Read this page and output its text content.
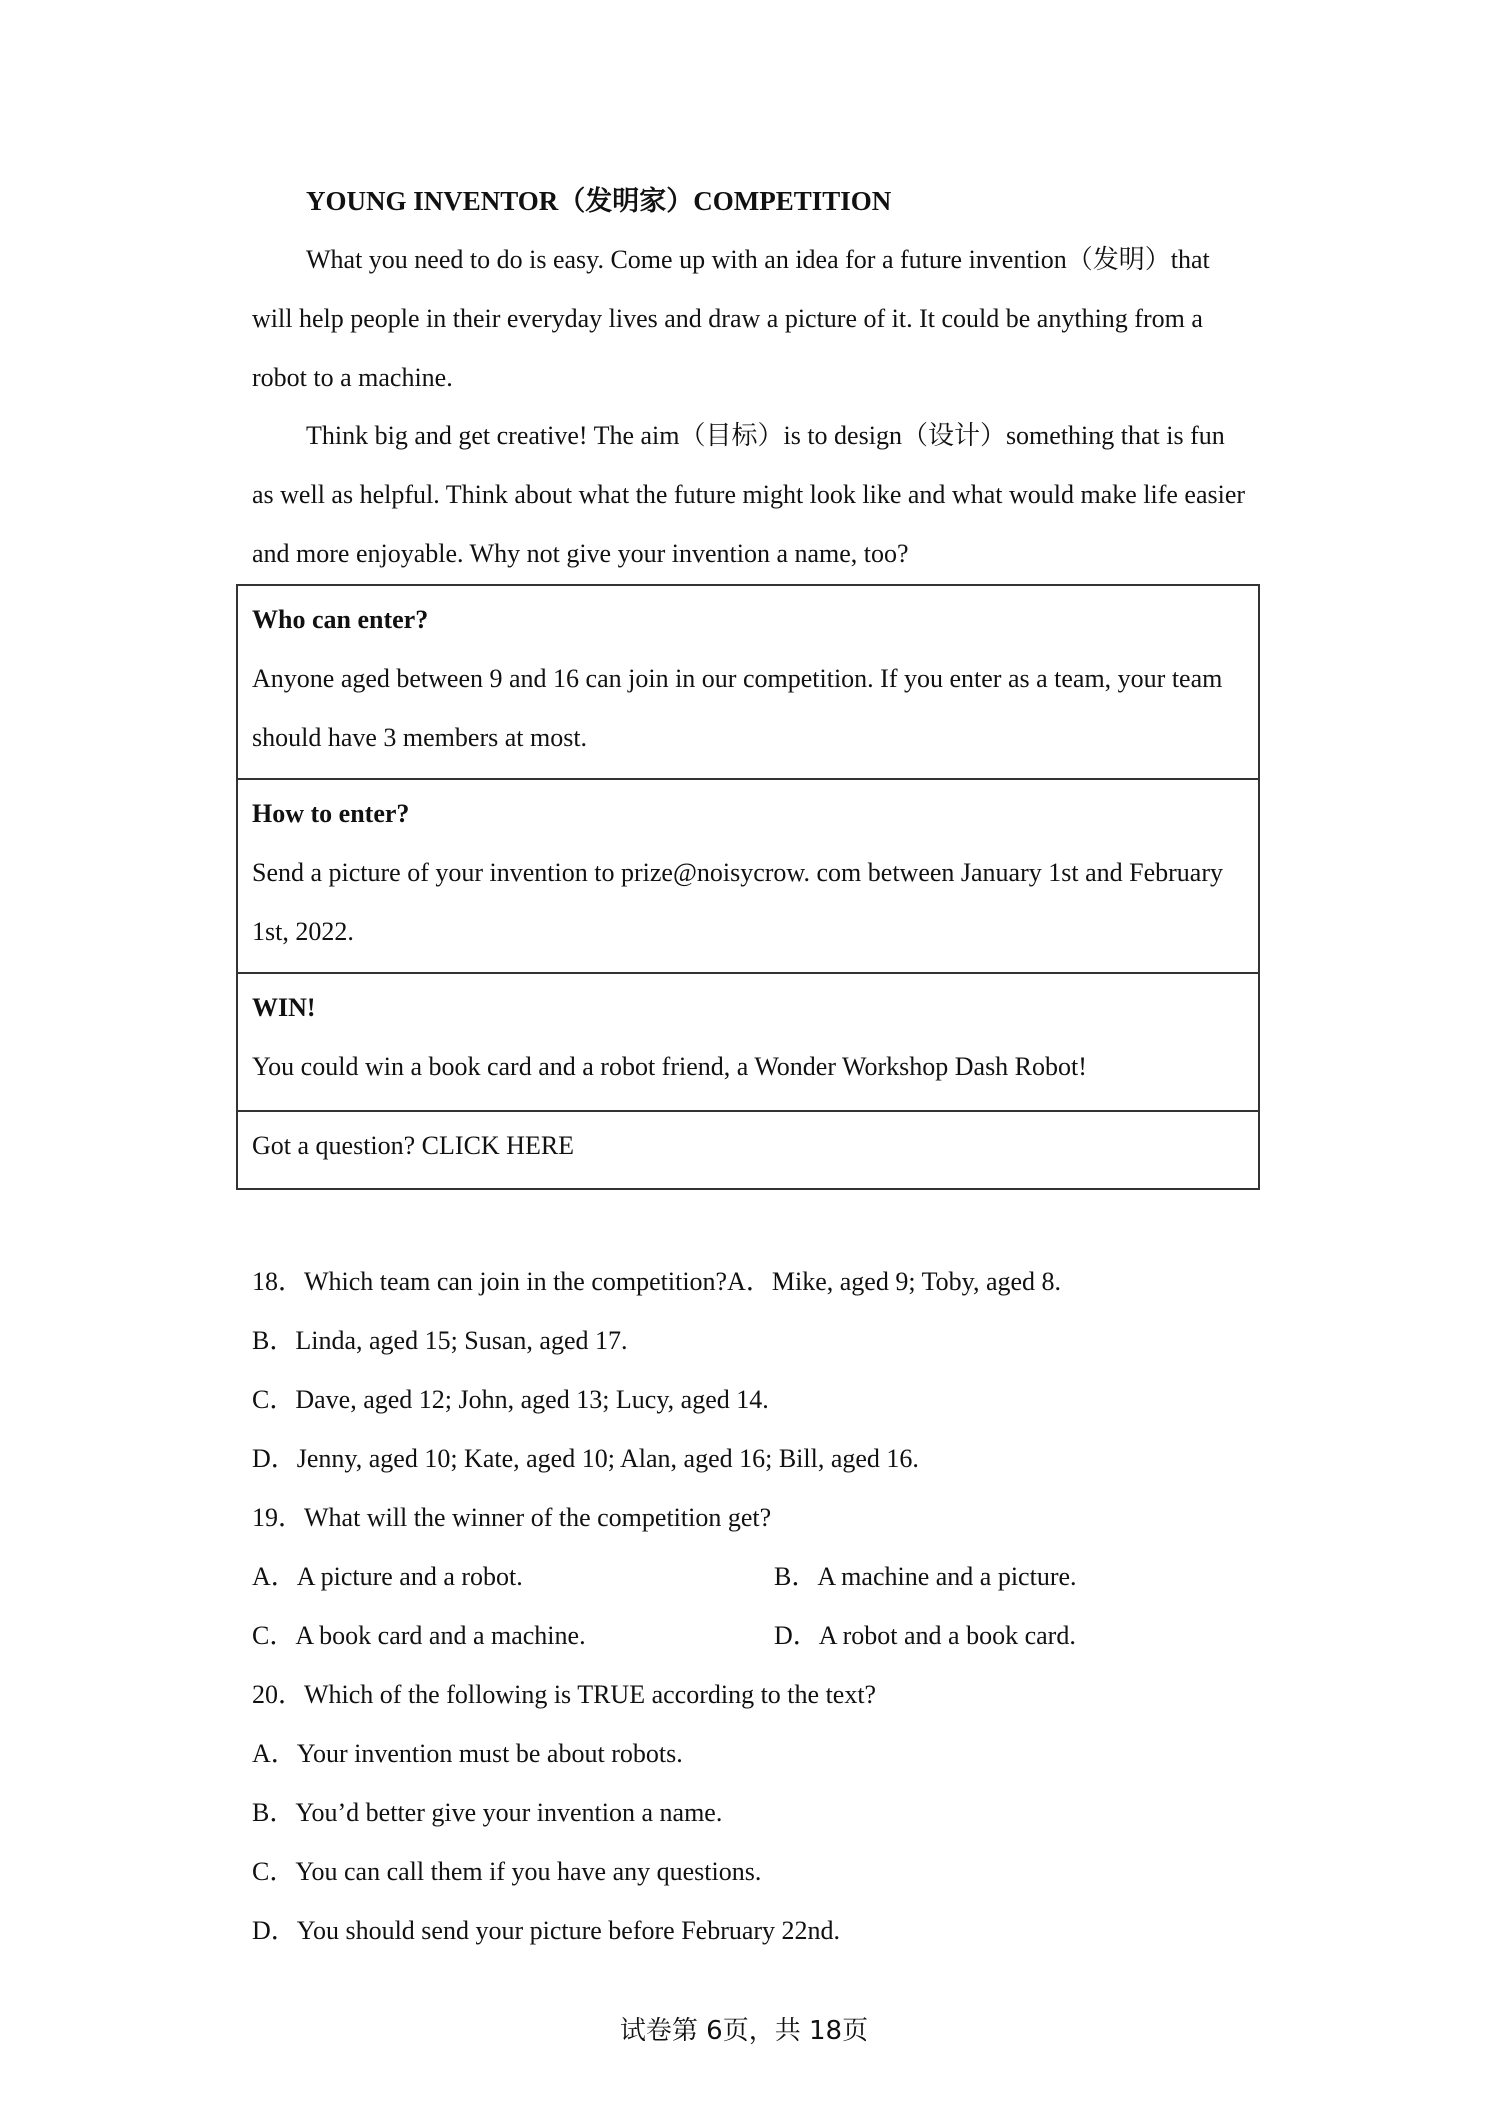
YOUNG INVENTOR（发明家）COMPETITION

What you need to do is easy. Come up with an idea for a future invention（发明）that will help people in their everyday lives and draw a picture of it. It could be anything from a robot to a machine.

Think big and get creative! The aim（目标）is to design（设计）something that is fun as well as helpful. Think about what the future might look like and what would make life easier and more enjoyable. Why not give your invention a name, too?

Who can enter?
Anyone aged between 9 and 16 can join in our competition. If you enter as a team, your team should have 3 members at most.

How to enter?
Send a picture of your invention to prize@noisycrow. com between January 1st and February 1st, 2022.

WIN!
You could win a book card and a robot friend, a Wonder Workshop Dash Robot!
Got a question? CLICK HERE

18．Which team can join in the competition?A．Mike, aged 9; Toby, aged 8.

B．Linda, aged 15; Susan, aged 17.

C．Dave, aged 12; John, aged 13; Lucy, aged 14.

D．Jenny, aged 10; Kate, aged 10; Alan, aged 16; Bill, aged 16.

19．What will the winner of the competition get?

A．A picture and a robot.	B．A machine and a picture.

C．A book card and a machine.	D．A robot and a book card.

20．Which of the following is TRUE according to the text?

A．Your invention must be about robots.

B．You’d better give your invention a name.

C．You can call them if you have any questions.

D．You should send your picture before February 22nd.

试卷第 6页，共 18页
